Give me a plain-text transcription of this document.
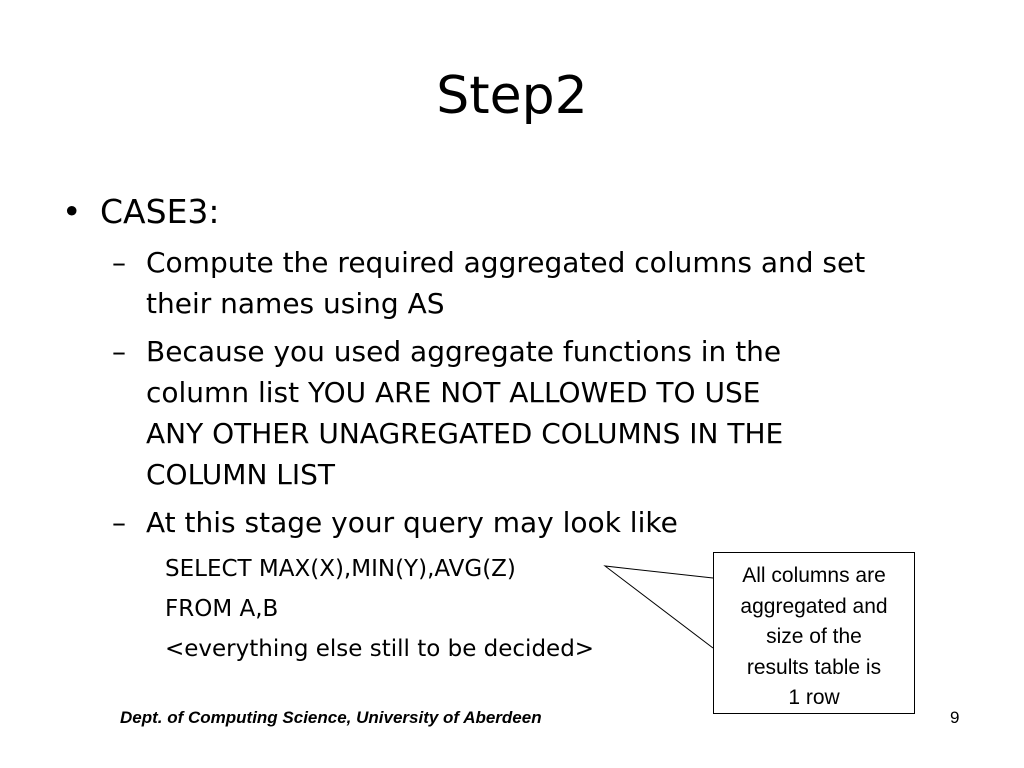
Step2
• CASE3:
– Compute the required aggregated columns and set
their names using AS
– Because you used aggregate functions in the
column list YOU ARE NOT ALLOWED TO USE
ANY OTHER UNAGREGATED COLUMNS IN THE
COLUMN LIST
– At this stage your query may look like
SELECT MAX(X),MIN(Y),AVG(Z)
FROM A,B
<everything else still to be decided>
All columns are
aggregated and
size of the
results table is
1 row
Dept. of Computing Science, University of Aberdeen	9
